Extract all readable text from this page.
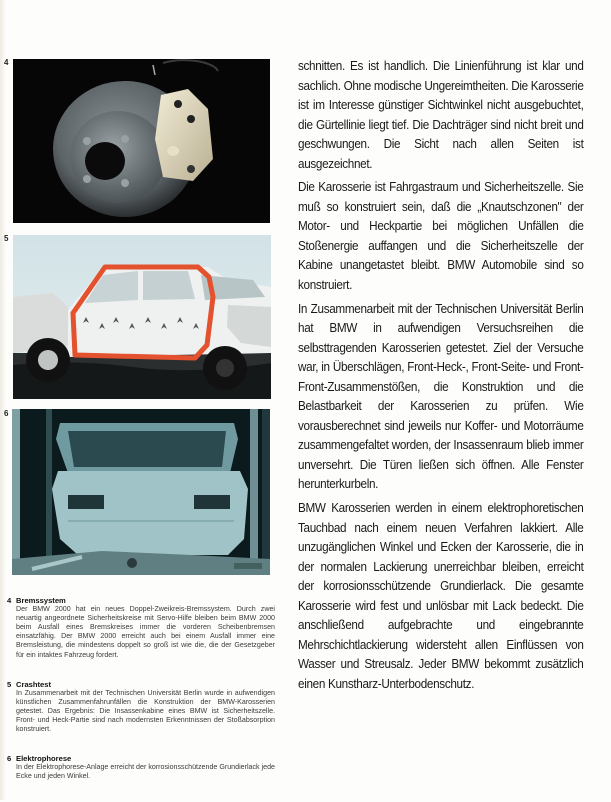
4
5
6

schnitten. Es ist handlich. Die Linienführung ist klar und sachlich. Ohne modische Ungereimtheiten. Die Karosserie ist im Interesse günstiger Sichtwinkel nicht ausgebuchtet, die Gürtellinie liegt tief. Die Dachträger sind nicht breit und geschwungen. Die Sicht nach allen Seiten ist ausgezeichnet.

Die Karosserie ist Fahrgastraum und Sicherheitszelle. Sie muß so konstruiert sein, daß die „Knautschzonen" der Motor- und Heckpartie bei möglichen Unfällen die Stoßenergie auffangen und die Sicherheitszelle der Kabine unangetastet bleibt. BMW Automobile sind so konstruiert.

In Zusammenarbeit mit der Technischen Universität Berlin hat BMW in aufwendigen Versuchsreihen die selbsttragenden Karosserien getestet. Ziel der Versuche war, in Überschlägen, Front-Heck-, Front-Seite- und Front-Front-Zusammenstößen, die Konstruktion und die Belastbarkeit der Karosserien zu prüfen. Wie vorausberechnet sind jeweils nur Koffer- und Motorräume zusammengefaltet worden, der Insassenraum blieb immer unversehrt. Die Türen ließen sich öffnen. Alle Fenster herunterkurbeln.

BMW Karosserien werden in einem elektrophoretischen Tauchbad nach einem neuen Verfahren lakkiert. Alle unzugänglichen Winkel und Ecken der Karosserie, die in der normalen Lackierung unerreichbar bleiben, erreicht der korrosionsschützende Grundierlack. Die gesamte Karosserie wird fest und unlösbar mit Lack bedeckt. Die anschließend aufgebrachte und eingebrannte Mehrschichtlackierung widersteht allen Einflüssen von Wasser und Streusalz. Jeder BMW bekommt zusätzlich einen Kunstharz-Unterbodenschutz.

4 Bremssystem
Der BMW 2000 hat ein neues Doppel-Zweikreis-Bremssystem. Durch zwei neuartig angeordnete Sicherheitskreise mit Servo-Hilfe bleiben beim BMW 2000 beim Ausfall eines Bremskreises immer die vorderen Scheibenbremsen einsatzfähig. Der BMW 2000 erreicht auch bei einem Ausfall immer eine Bremsleistung, die mindestens doppelt so groß ist wie die, die der Gesetzgeber für ein intaktes Fahrzeug fordert.
5 Crashtest
In Zusammenarbeit mit der Technischen Universität Berlin wurde in aufwendigen künstlichen Zusammenfahrunfällen die Konstruktion der BMW-Karosserien getestet. Das Ergebnis: Die Insassenkabine eines BMW ist Sicherheitszelle. Front- und Heck-Partie sind nach modernsten Erkenntnissen der Stoßabsorption konstruiert.
6 Elektrophorese
In der Elektrophorese-Anlage erreicht der korrosionsschützende Grundierlack jede Ecke und jeden Winkel.
